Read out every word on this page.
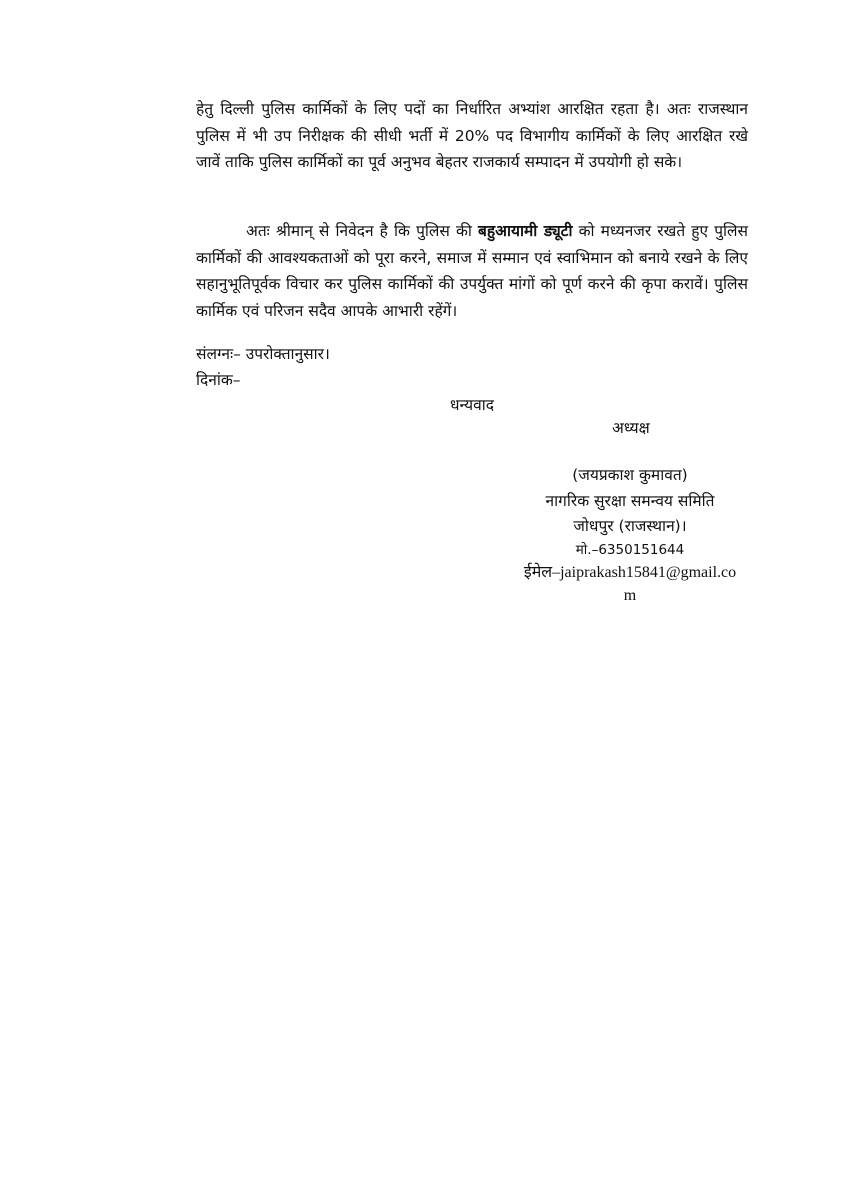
हेतु दिल्ली पुलिस कार्मिकों के लिए पदों का निर्धारित अभ्यांश आरक्षित रहता है। अतः राजस्थान पुलिस में भी उप निरीक्षक की सीधी भर्ती में 20% पद विभागीय कार्मिकों के लिए आरक्षित रखे जावें ताकि पुलिस कार्मिकों का पूर्व अनुभव बेहतर राजकार्य सम्पादन में उपयोगी हो सके।

अतः श्रीमान् से निवेदन है कि पुलिस की बहुआयामी ड्यूटी को मध्यनजर रखते हुए पुलिस कार्मिकों की आवश्यकताओं को पूरा करने, समाज में सम्मान एवं स्वाभिमान को बनाये रखने के लिए सहानुभूतिपूर्वक विचार कर पुलिस कार्मिकों की उपर्युक्त मांगों को पूर्ण करने की कृपा करावें। पुलिस कार्मिक एवं परिजन सदैव आपके आभारी रहेंगें।

संलग्नः– उपरोक्तानुसार।
दिनांक–
धन्यवाद
अध्यक्ष
(जयप्रकाश कुमावत)
नागरिक सुरक्षा समन्वय समिति
जोधपुर (राजस्थान)।
मो.–6350151644
ईमेल–jaiprakash15841@gmail.co
m
